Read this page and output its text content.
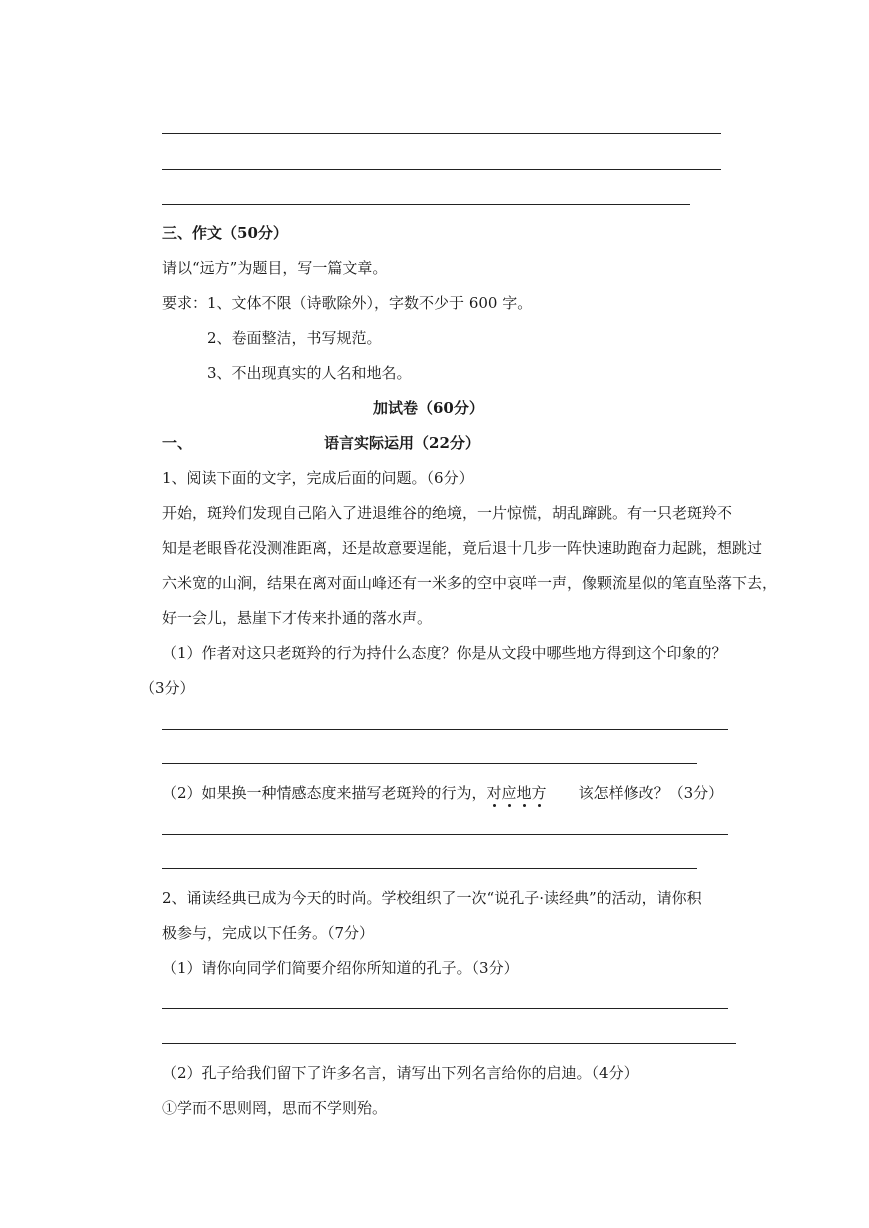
三、作文（50分）
请以“远方”为题目，写一篇文章。
要求：1、文体不限（诗歌除外），字数不少于 600 字。
2、卷面整洁，书写规范。
3、不出现真实的人名和地名。
加试卷（60分）
一、	语言实际运用（22分）
1、阅读下面的文字，完成后面的问题。（6分）
开始，斑羚们发现自己陷入了进退维谷的绝境，一片惊慌，胡乱蹿跳。有一只老斑羚不
知是老眼昏花没测准距离，还是故意要逞能，竟后退十几步一阵快速助跑奋力起跳，想跳过
六米宽的山涧，结果在离对面山峰还有一米多的空中哀咩一声，像颗流星似的笔直坠落下去，
好一会儿，悬崖下才传来扑通的落水声。
（1）作者对这只老斑羚的行为持什么态度？你是从文段中哪些地方得到这个印象的？
（3分）
（2）如果换一种情感态度来描写老斑羚的行为，对应地方 该怎样修改？（3分）
2、诵读经典已成为今天的时尚。学校组织了一次“说孔子·读经典”的活动，请你积
极参与，完成以下任务。（7分）
（1）请你向同学们简要介绍你所知道的孔子。（3分）
（2）孔子给我们留下了许多名言，请写出下列名言给你的启迪。（4分）
①学而不思则罔，思而不学则殆。
